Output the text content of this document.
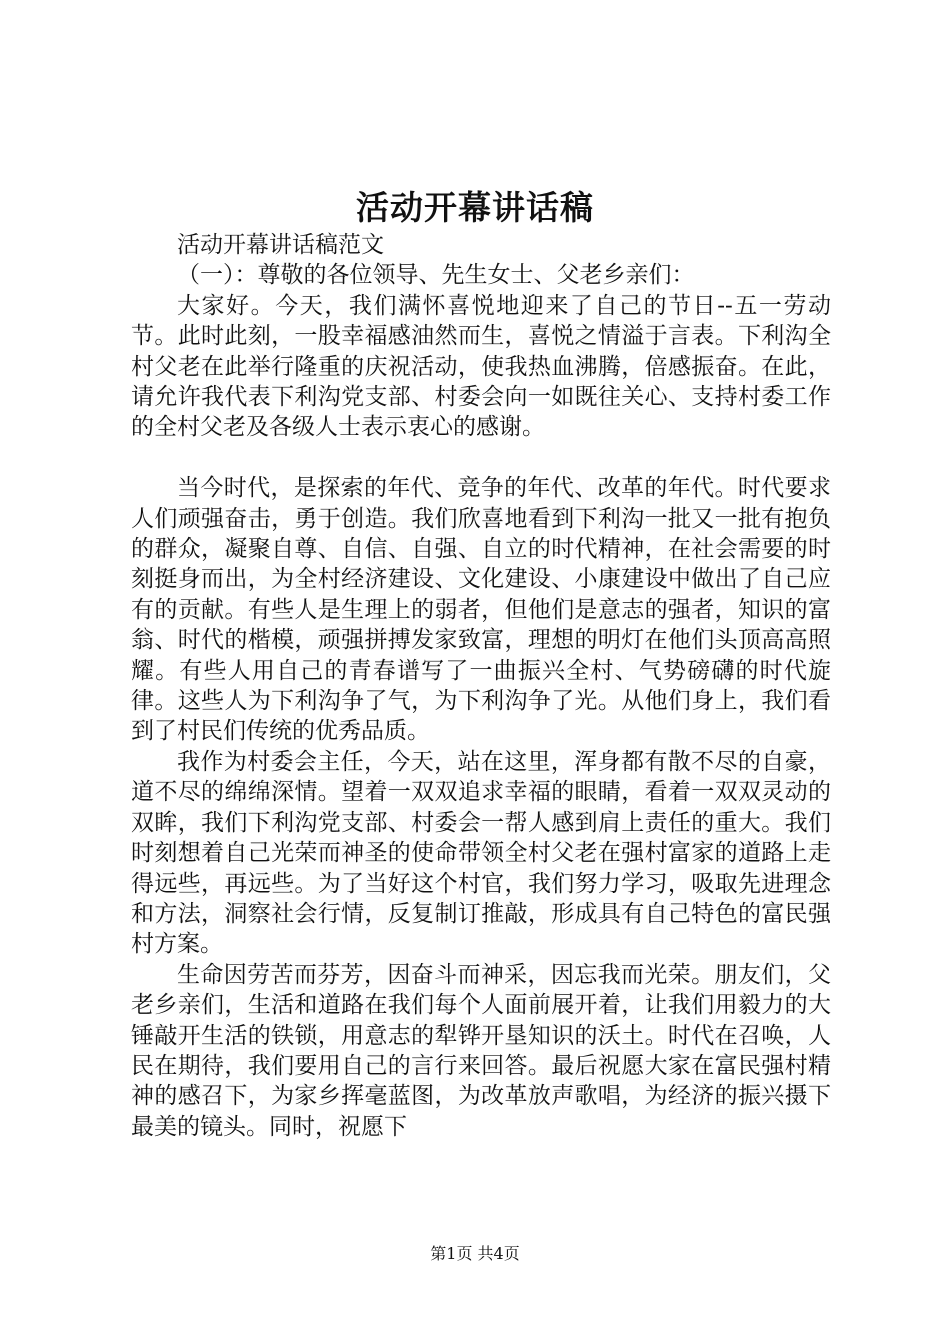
活动开幕讲话稿

活动开幕讲话稿范文

（一）：尊敬的各位领导、先生女士、父老乡亲们：

大家好。今天，我们满怀喜悦地迎来了自己的节日--五一劳动节。此时此刻，一股幸福感油然而生，喜悦之情溢于言表。下利沟全村父老在此举行隆重的庆祝活动，使我热血沸腾，倍感振奋。在此，请允许我代表下利沟党支部、村委会向一如既往关心、支持村委工作的全村父老及各级人士表示衷心的感谢。

当今时代，是探索的年代、竞争的年代、改革的年代。时代要求人们顽强奋击，勇于创造。我们欣喜地看到下利沟一批又一批有抱负的群众，凝聚自尊、自信、自强、自立的时代精神，在社会需要的时刻挺身而出，为全村经济建设、文化建设、小康建设中做出了自己应有的贡献。有些人是生理上的弱者，但他们是意志的强者，知识的富翁、时代的楷模，顽强拼搏发家致富，理想的明灯在他们头顶高高照耀。有些人用自己的青春谱写了一曲振兴全村、气势磅礴的时代旋律。这些人为下利沟争了气，为下利沟争了光。从他们身上，我们看到了村民们传统的优秀品质。

我作为村委会主任，今天，站在这里，浑身都有散不尽的自豪，道不尽的绵绵深情。望着一双双追求幸福的眼睛，看着一双双灵动的双眸，我们下利沟党支部、村委会一帮人感到肩上责任的重大。我们时刻想着自己光荣而神圣的使命带领全村父老在强村富家的道路上走得远些，再远些。为了当好这个村官，我们努力学习，吸取先进理念和方法，洞察社会行情，反复制订推敲，形成具有自己特色的富民强村方案。

生命因劳苦而芬芳，因奋斗而神采，因忘我而光荣。朋友们，父老乡亲们，生活和道路在我们每个人面前展开着，让我们用毅力的大锤敲开生活的铁锁，用意志的犁铧开垦知识的沃土。时代在召唤，人民在期待，我们要用自己的言行来回答。最后祝愿大家在富民强村精神的感召下，为家乡挥毫蓝图，为改革放声歌唱，为经济的振兴摄下最美的镜头。同时，祝愿下

第1页 共4页
